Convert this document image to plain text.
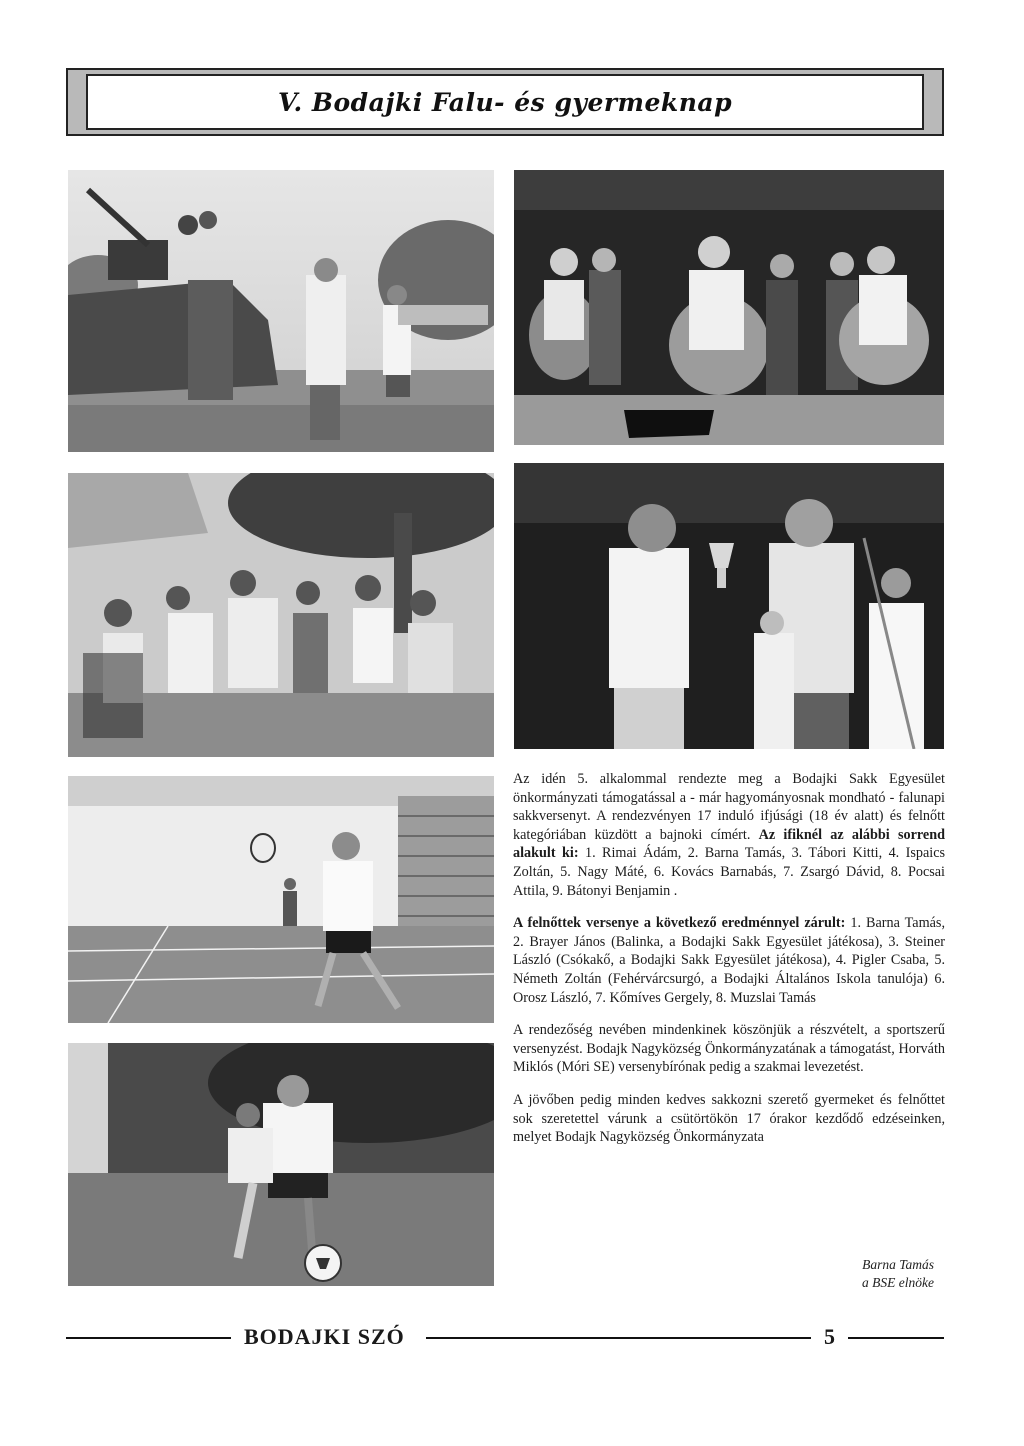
V. Bodajki Falu- és gyermeknap

Az idén 5. alkalommal rendezte meg a Bodajki Sakk Egyesület önkormányzati támogatással a - már hagyományosnak mondható - falunapi sakkversenyt. A rendezvényen 17 induló ifjúsági (18 év alatt) és felnőtt kategóriában küzdött a bajnoki címért. Az ifiknél az alábbi sorrend alakult ki: 1. Rimai Ádám, 2. Barna Tamás, 3. Tábori Kitti, 4. Ispaics Zoltán, 5. Nagy Máté, 6. Kovács Barnabás, 7. Zsargó Dávid, 8. Pocsai Attila, 9. Bátonyi Benjamin .

A felnőttek versenye a következő eredménnyel zárult: 1. Barna Tamás, 2. Brayer János (Balinka, a Bodajki Sakk Egyesület játékosa), 3. Steiner László (Csókakő, a Bodajki Sakk Egyesület játékosa), 4. Pigler Csaba, 5. Németh Zoltán (Fehérvárcsurgó, a Bodajki Általános Iskola tanulója) 6. Orosz László, 7. Kőmíves Gergely, 8. Muzslai Tamás

A rendezőség nevében mindenkinek köszönjük a részvételt, a sportszerű versenyzést. Bodajk Nagyközség Önkormányzatának a támogatást, Horváth Miklós (Móri SE) versenybírónak pedig a szakmai levezetést.

A jövőben pedig minden kedves sakkozni szerető gyermeket és felnőttet sok szeretettel várunk a csütörtökön 17 órakor kezdődő edzéseinken, melyet Bodajk Nagyközség Önkormányzata

Barna Tamás
a BSE elnöke
BODAJKI SZÓ	5
